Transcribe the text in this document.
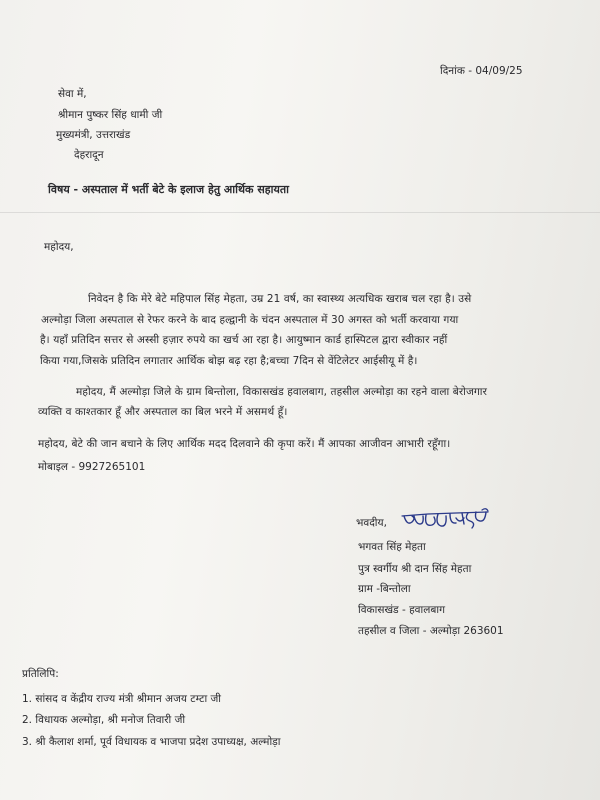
दिनांक - 04/09/25

सेवा में,

श्रीमान पुष्कर सिंह धामी जी

मुख्यमंत्री, उत्तराखंड

देहरादून

विषय - अस्पताल में भर्ती बेटे के इलाज हेतु आर्थिक सहायता

महोदय,

निवेदन है कि मेरे बेटे महिपाल सिंह मेहता, उम्र 21 वर्ष, का स्वास्थ्य अत्यधिक खराब चल रहा है। उसे

अल्मोड़ा जिला अस्पताल से रेफर करने के बाद हल्द्वानी के चंदन अस्पताल में 30 अगस्त को भर्ती करवाया गया

है। यहाँ प्रतिदिन सत्तर से अस्सी हज़ार रुपये का खर्च आ रहा है। आयुष्मान कार्ड हास्पिटल द्वारा स्वीकार नहीं

किया गया,जिसके प्रतिदिन लगातार आर्थिक बोझ बढ़ रहा है;बच्चा 7दिन से वेंटिलेटर आईसीयू में है।

महोदय, मैं अल्मोड़ा जिले के ग्राम बिन्तोला, विकासखंड हवालबाग, तहसील अल्मोड़ा का रहने वाला बेरोजगार

व्यक्ति व काश्तकार हूँ और अस्पताल का बिल भरने में असमर्थ हूँ।

महोदय, बेटे की जान बचाने के लिए आर्थिक मदद दिलवाने की कृपा करें। मैं आपका आजीवन आभारी रहूँगा।

मोबाइल - 9927265101

भवदीय,

भगवत सिंह मेहता

पुत्र स्वर्गीय श्री दान सिंह मेहता

ग्राम -बिन्तोला

विकासखंड - हवालबाग

तहसील व जिला - अल्मोड़ा 263601

प्रतिलिपि:

1. सांसद व केंद्रीय राज्य मंत्री श्रीमान अजय टम्टा जी

2. विधायक अल्मोड़ा, श्री मनोज तिवारी जी

3. श्री कैलाश शर्मा, पूर्व विधायक व भाजपा प्रदेश उपाध्यक्ष, अल्मोड़ा
